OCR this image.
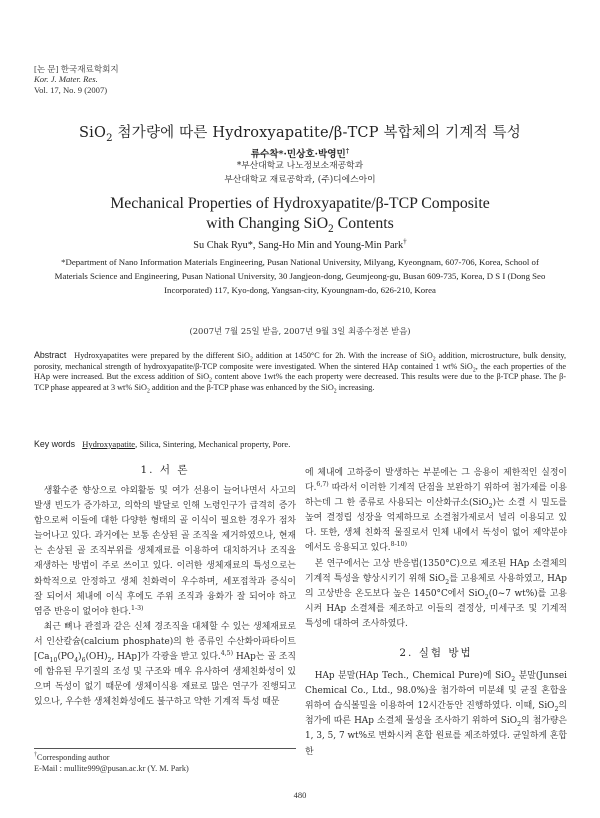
[논 문] 한국재료학회지
Kor. J. Mater. Res.
Vol. 17, No. 9 (2007)
SiO$_2$ 첨가량에 따른 Hydroxyapatite/β-TCP 복합체의 기계적 특성
류수착*·민상호·박영민†
*부산대학교 나노정보소재공학과
부산대학교 재료공학과, (주)디에스아이
Mechanical Properties of Hydroxyapatite/β-TCP Composite
with Changing SiO$_2$ Contents
Su Chak Ryu*, Sang-Ho Min and Young-Min Park†
*Department of Nano Information Materials Engineering, Pusan National University, Milyang, Kyeongnam, 607-706, Korea, School of Materials Science and Engineering, Pusan National University, 30 Jangjeon-dong, Geumjeong-gu, Busan 609-735, Korea, D S I (Dong Seo Incorporated) 117, Kyo-dong, Yangsan-city, Kyoungnam-do, 626-210, Korea
(2007년 7월 25일 받음, 2007년 9월 3일 최종수정본 받음)
Abstract Hydroxyapatites were prepared by the different SiO$_2$ addition at 1450°C for 2h. With the increase of SiO$_2$ addition, microstructure, bulk density, porosity, mechanical strength of hydroxyapatite/β-TCP composite were investigated. When the sintered HAp contained 1 wt% SiO$_2$, the each properties of the HAp were increased. But the excess addition of SiO$_2$ content above 1wt% the each property were decreased. This results were due to the β-TCP phase. The β-TCP phase appeared at 3 wt% SiO$_2$ addition and the β-TCP phase was enhanced by the SiO$_2$ increasing.
Key words Hydroxyapatite, Silica, Sintering, Mechanical property, Pore.
1. 서 론

생활수준 향상으로 야외활동 및 여가 선용이 늘어나면서 사고의 발생 빈도가 증가하고, 의학의 발달로 인해 노령인구가 급격히 증가함으로써 이들에 대한 다양한 형태의 골 이식이 필요한 경우가 점차 늘어나고 있다. 과거에는 보통 손상된 골 조직을 제거하였으나, 현재는 손상된 골 조직부위를 생체재료를 이용하여 대치하거나 조직을 재생하는 방법이 주로 쓰이고 있다. 이러한 생체재료의 특성으로는 화학적으로 안정하고 생체 친화력이 우수하며, 세포접착과 증식이 잘 되어서 체내에 이식 후에도 주위 조직과 융화가 잘 되어야 하고 염증 반응이 없어야 한다.$^{1-3)}$

최근 뼈나 관절과 같은 신체 경조직을 대체할 수 있는 생체재료로서 인산칼슘(calcium phosphate)의 한 종류인 수산화아파타이트[$Ca_{10}(PO_4)_6(OH)_2$, HAp]가 각광을 받고 있다.$^{4,5)}$ HAp는 골 조직에 함유된 무기질의 조성 및 구조와 매우 유사하여 생체친화성이 있으며 독성이 없기 때문에 생체이식용 재료로 많은 연구가 진행되고 있으나, 우수한 생체친화성에도 불구하고 약한 기계적 특성 때문

†Corresponding author
E-Mail : mullite999@pusan.ac.kr (Y. M. Park)

에 체내에 고하중이 발생하는 부분에는 그 응용이 제한적인 실정이다.$^{6,7)}$ 따라서 이러한 기계적 단점을 보완하기 위하여 첨가제를 이용하는데 그 한 종류로 사용되는 이산화규소(SiO$_2$)는 소결 시 밀도를 높여 결정립 성장을 억제하므로 소결첨가제로서 널리 이용되고 있다. 또한, 생체 친화적 물질로서 인체 내에서 독성이 없어 제약분야에서도 응용되고 있다.$^{8-10)}$

본 연구에서는 고상 반응법(1350°C)으로 제조된 HAp 소결체의 기계적 특성을 향상시키기 위해 SiO$_2$를 고용체로 사용하였고, HAp의 고상반응 온도보다 높은 1450°C에서 SiO$_2$(0~7 wt%)를 고용시켜 HAp 소결체를 제조하고 이들의 결정상, 미세구조 및 기계적 특성에 대하여 조사하였다.

2. 실험 방법

HAp 분말(HAp Tech., Chemical Pure)에 SiO$_2$ 분말(Junsei Chemical Co., Ltd., 98.0%)을 첨가하여 미분쇄 및 균질 혼합을 위하여 습식볼밀을 이용하여 12시간동안 진행하였다. 이때, SiO$_2$의 첨가에 따른 HAp 소결체 물성을 조사하기 위하여 SiO$_2$의 첨가량은 1, 3, 5, 7 wt%로 변화시켜 혼합 원료를 제조하였다. 균일하게 혼합한

480
